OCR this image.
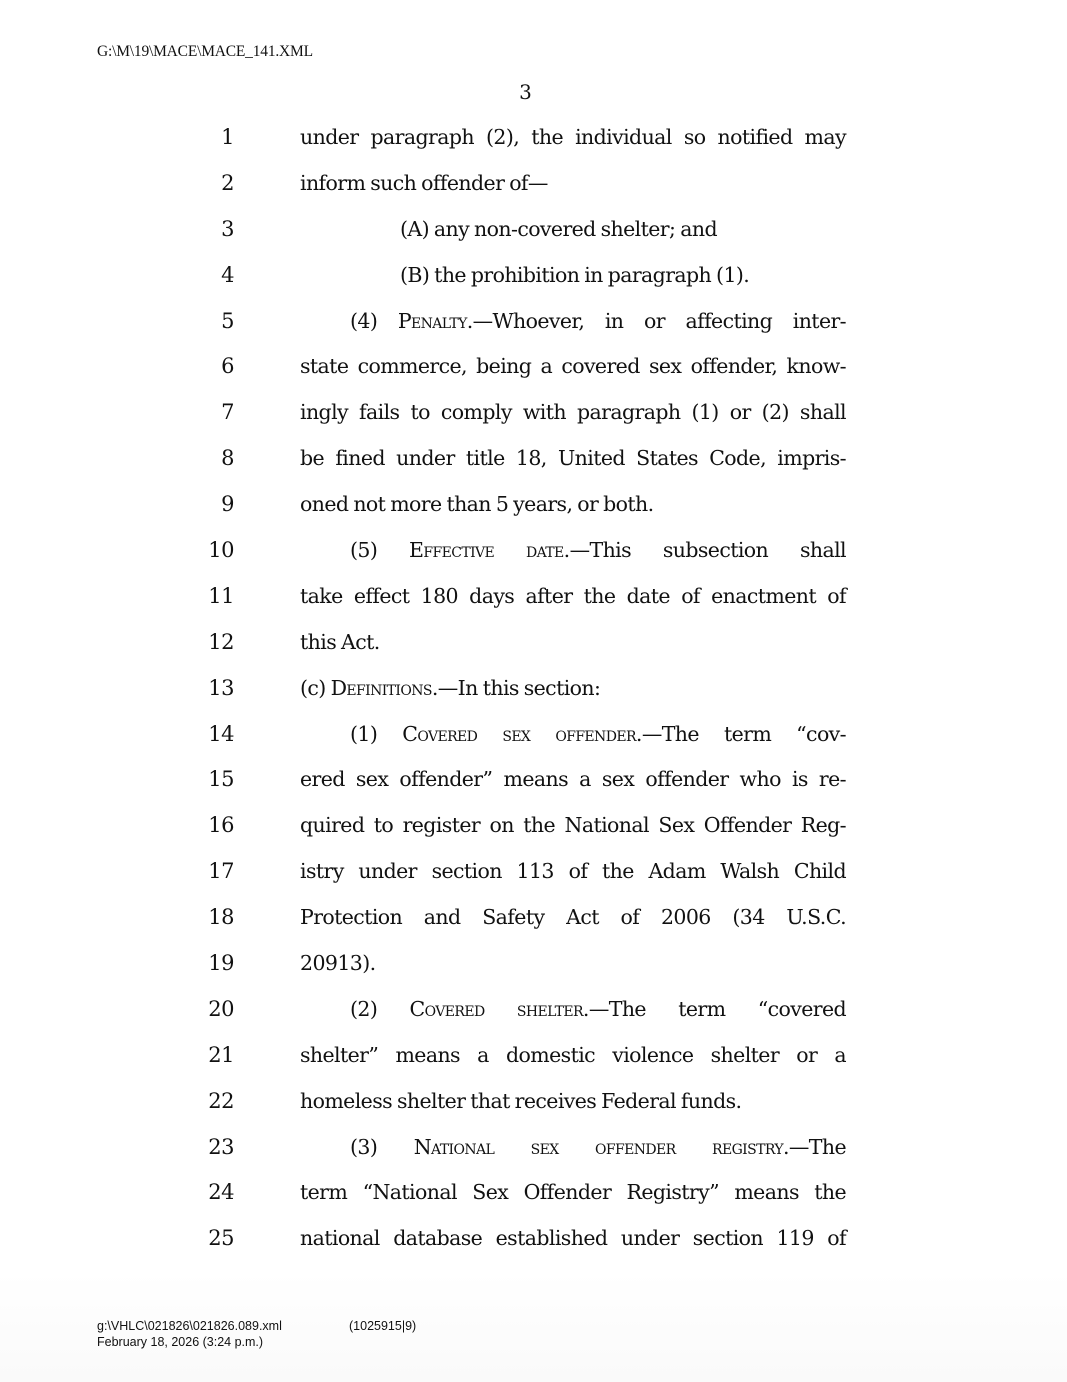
G:\M\19\MACE\MACE_141.XML
3
1	under paragraph (2), the individual so notified may
2	inform such offender of—
3	(A) any non-covered shelter; and
4	(B) the prohibition in paragraph (1).
5	(4) Penalty.—Whoever, in or affecting inter-
6	state commerce, being a covered sex offender, know-
7	ingly fails to comply with paragraph (1) or (2) shall
8	be fined under title 18, United States Code, impris-
9	oned not more than 5 years, or both.
10	(5) Effective date.—This subsection shall
11	take effect 180 days after the date of enactment of
12	this Act.
13	(c) Definitions.—In this section:
14	(1) Covered sex offender.—The term “cov-
15	ered sex offender” means a sex offender who is re-
16	quired to register on the National Sex Offender Reg-
17	istry under section 113 of the Adam Walsh Child
18	Protection and Safety Act of 2006 (34 U.S.C.
19	20913).
20	(2) Covered shelter.—The term “covered
21	shelter” means a domestic violence shelter or a
22	homeless shelter that receives Federal funds.
23	(3) National sex offender registry.—The
24	term “National Sex Offender Registry” means the
25	national database established under section 119 of
g:\VHLC\021826\021826.089.xml	(1025915|9)
February 18, 2026 (3:24 p.m.)
